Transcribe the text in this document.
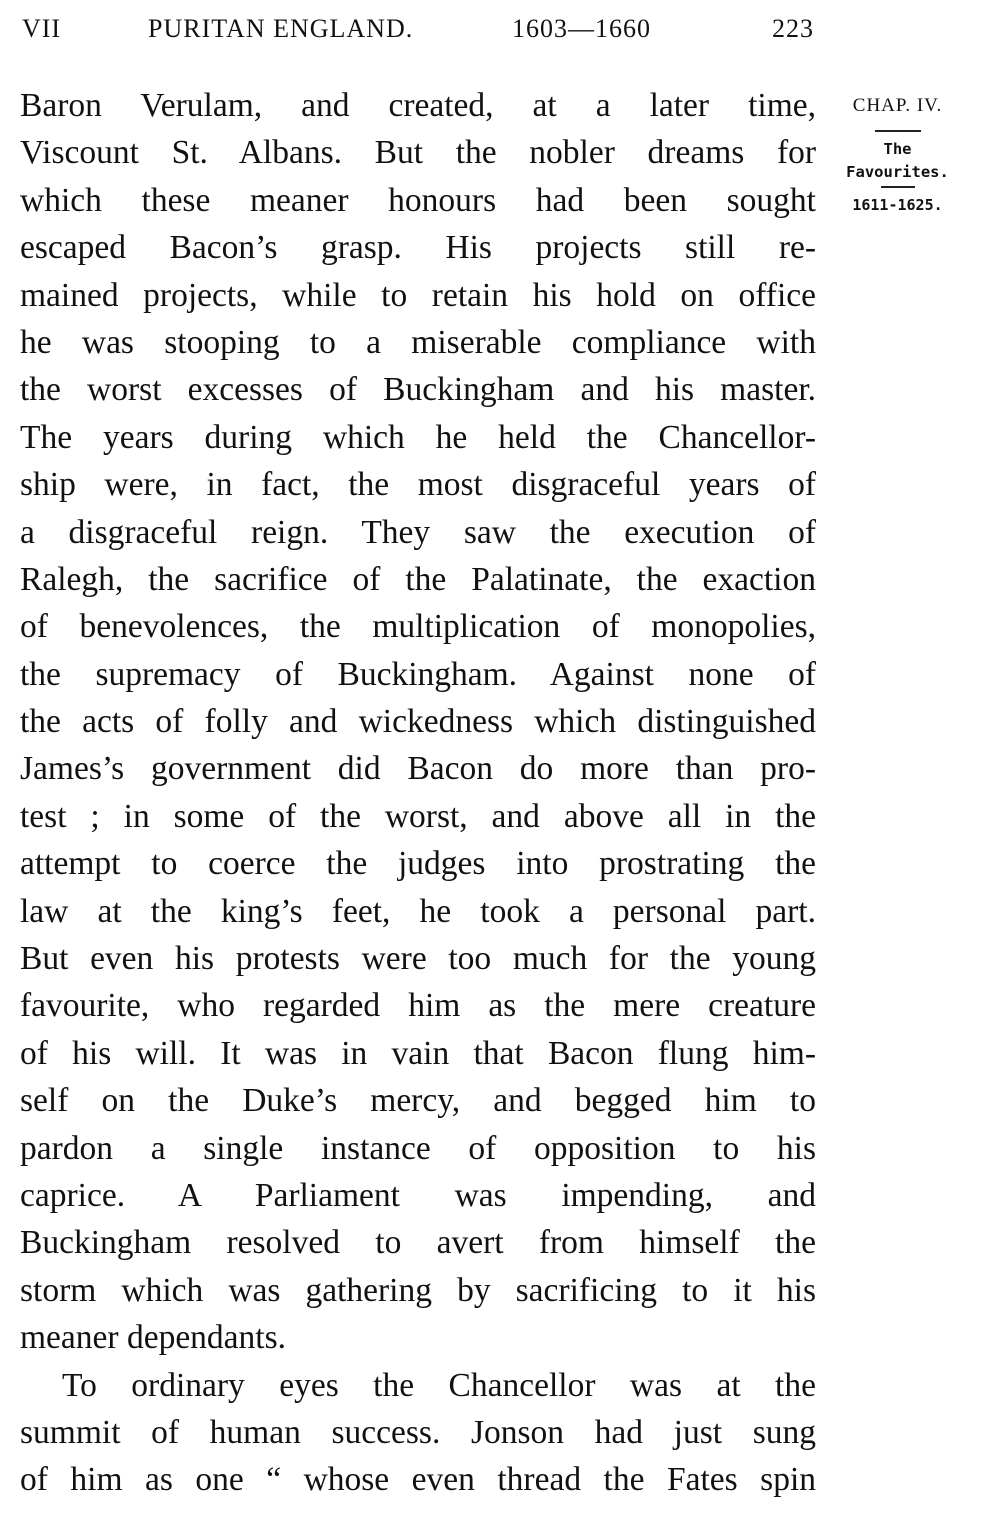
VII	PURITAN ENGLAND.	1603—1660	223
Baron Verulam, and created, at a later time,
Viscount St. Albans. But the nobler dreams for
which these meaner honours had been sought
escaped Bacon’s grasp. His projects still re-
mained projects, while to retain his hold on office
he was stooping to a miserable compliance with
the worst excesses of Buckingham and his master.
The years during which he held the Chancellor-
ship were, in fact, the most disgraceful years of
a disgraceful reign. They saw the execution of
Ralegh, the sacrifice of the Palatinate, the exaction
of benevolences, the multiplication of monopolies,
the supremacy of Buckingham. Against none of
the acts of folly and wickedness which distinguished
James’s government did Bacon do more than pro-
test ; in some of the worst, and above all in the
attempt to coerce the judges into prostrating the
law at the king’s feet, he took a personal part.
But even his protests were too much for the young
favourite, who regarded him as the mere creature
of his will. It was in vain that Bacon flung him-
self on the Duke’s mercy, and begged him to
pardon a single instance of opposition to his
caprice. A Parliament was impending, and
Buckingham resolved to avert from himself the
storm which was gathering by sacrificing to it his
meaner dependants.
To ordinary eyes the Chancellor was at the
summit of human success. Jonson had just sung
of him as one “ whose even thread the Fates spin
CHAP. IV.
The
Favourites.
1611-1625.
